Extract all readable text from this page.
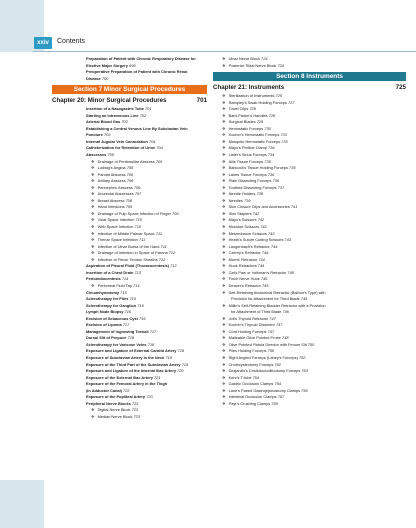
xxiv	Contents
Preparation of Patient with Chronic Respiratory Disease for
Elective Major Surgery 699
Preoperative Preparation of Patient with Chronic Renal
Disease 700
Section 7 Minor Surgical Procedures
Chapter 20: Minor Surgical Procedures	701
Insertion of a Nasogastric Tube 701
Starting an Intravenous Line 702
Arterial Blood Gas 702
Establishing a Central Venous Line By Subclavian Vein
Puncture 703
Internal Jugular Vein Cannulation 704
Catheterization for Retention of Urine 704
Abscesses 705
❖ Drainage of Peritonsillar Abscess 705
❖ Ludwig's Angina 705
❖ Parotid Abscess 706
❖ Axillary Abscess 706
❖ Perinephric Abscess 706
❖ Anorectal Abscesses 707
❖ Breast Abscess 708
❖ Hand Infections 709
❖ Drainage of Pulp Space Infection of Finger 709
❖ Volar Space Infection 710
❖ Web Space Infection 710
❖ Infection of Middle Palmar Space 711
❖ Thenar Space Infection 711
❖ Infection of Ulnar Bursa of the Hand 711
❖ Drainage of Infection in Space of Parona 712
❖ Infection of Flexor Tendon Sheaths 712
Aspiration of Pleural Fluid (Thoracocentesis) 712
Insertion of a Chest Drain 713
Pericardiocentesis 714
❖ Peritoneal Fluid Tap 714
Circumhymotomy 715
Sclerotherapy for Piles 715
Sclerotherapy for Ganglion 716
Lymph Node Biopsy 716
Excision of Sebaceous Cyst 716
Excision of Lipoma 717
Management of Ingrowing Toenail 717
Dorsal Slit of Prepuce 718
Sclerotherapy for Varicose Veins 718
Exposure and Ligature of External Carotid Artery 718
Exposure of Subclavian Artery in the Neck 719
Exposure of the Third Part of the Subclavian Artery 719
Exposure and Ligature of the Internal Iliac Artery 720
Exposure of the External Iliac Artery 721
Exposure of the Femoral Artery in the Thigh
(In Adductor Canal) 722
Exposure of the Popliteal Artery 723
Peripheral Nerve Blocks 723
❖ Digital Nerve Block 723
❖ Median Nerve Block 723
❖ Ulnar Nerve Block 724
❖ Posterior Tibial Nerve Block 724
Section 8 Instruments
Chapter 21: Instruments	725
❖ Sterilization of Instruments 725
❖ Rampley's Swab Holding Forceps 727
❖ Towel Clips 728
❖ Bard-Parker's Handles 728
❖ Surgical Blades 729
❖ Hemostatic Forceps 730
❖ Kocher's Hemostatic Forceps 733
❖ Mosquito Hemostatic Forceps 733
❖ Mayo's Pedicle Clamp 734
❖ Lister's Sinus Forceps 734
❖ Allis Tissue Forceps 735
❖ Babcock's Tissue Holding Forceps 735
❖ Lanes Tissue Forceps 736
❖ Plain Dissecting Forceps 736
❖ Toothed Dissecting Forceps 737
❖ Needle Holders 738
❖ Needles 739
❖ Skin Closure Clips and Accessories 741
❖ Skin Staplers 742
❖ Mayo's Scissors 742
❖ Mcindoe Scissors 742
❖ Metzenbaum Scissors 743
❖ Heath's Suture Cutting Scissors 743
❖ Langenbach's Retractor 744
❖ Czerny's Retractor 744
❖ Morris' Retractor 744
❖ Hook Retractors 744
❖ Cat's Paw or Volkman's Retractor 745
❖ Finch Nerve Hook 745
❖ Deaver's Retractor 745
❖ Self-Retaining Abdominal Retractor (Balfour's Type) with
Provision for Attachment for Third Blade 745
❖ Millin's Self-Retaining Bladder Retractor with a Provision
for Attachment of Third Blade 746
❖ Joll's Thyroid Retractor 747
❖ Kocher's Thyroid Dissector 747
❖ Cord Holding Forceps 747
❖ Malleable Olive Pointed Probe 748
❖ Olive Pointed Fistula Director with Fenum Slit 750
❖ Piles Holding Forceps 750
❖ Right Angled Forceps (Lahey's Forceps) 752
❖ Cholecystectomy Forceps 752
❖ Desjardin's Choledocholithotomy Forceps 753
❖ Kehr's T-tube 754
❖ Gastric Occlusion Clamps 754
❖ Lane's Paired Gastrojejunostomy Clamps 755
❖ Intestinal Occlusion Clamps 757
❖ Payr's Crushing Clamps 759
